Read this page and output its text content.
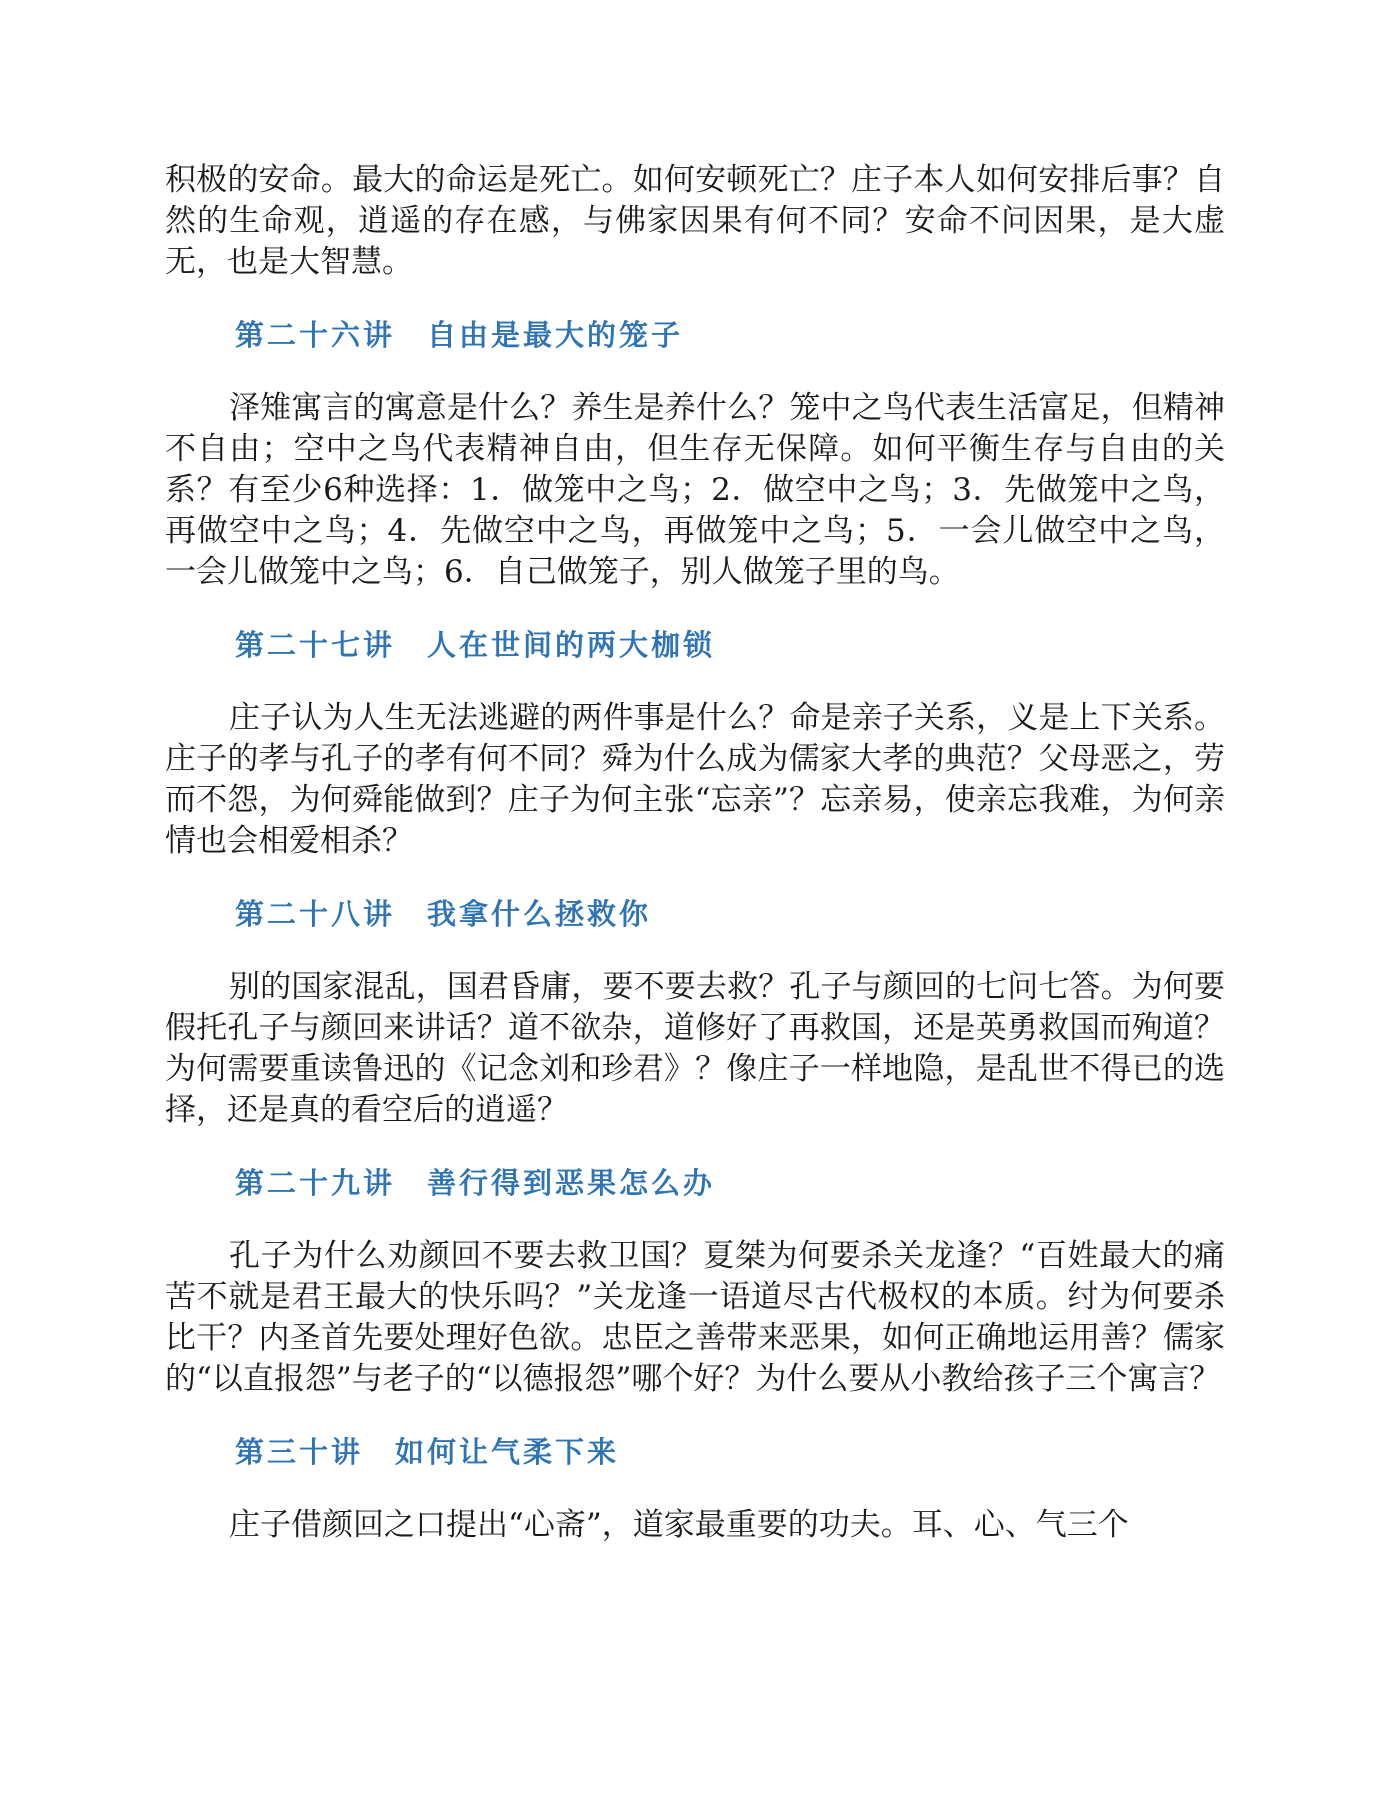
积极的安命。最大的命运是死亡。如何安顿死亡？庄子本人如何安排后事？自然的生命观，逍遥的存在感，与佛家因果有何不同？安命不问因果，是大虚无，也是大智慧。

第二十六讲　自由是最大的笼子

泽雉寓言的寓意是什么？养生是养什么？笼中之鸟代表生活富足，但精神不自由；空中之鸟代表精神自由，但生存无保障。如何平衡生存与自由的关系？有至少6种选择：1．做笼中之鸟；2．做空中之鸟；3．先做笼中之鸟，再做空中之鸟；4．先做空中之鸟，再做笼中之鸟；5．一会儿做空中之鸟，一会儿做笼中之鸟；6．自己做笼子，别人做笼子里的鸟。

第二十七讲　人在世间的两大枷锁

庄子认为人生无法逃避的两件事是什么？命是亲子关系，义是上下关系。庄子的孝与孔子的孝有何不同？舜为什么成为儒家大孝的典范？父母恶之，劳而不怨，为何舜能做到？庄子为何主张“忘亲”？忘亲易，使亲忘我难，为何亲情也会相爱相杀？

第二十八讲　我拿什么拯救你

别的国家混乱，国君昏庸，要不要去救？孔子与颜回的七问七答。为何要假托孔子与颜回来讲话？道不欲杂，道修好了再救国，还是英勇救国而殉道？为何需要重读鲁迅的《记念刘和珍君》？像庄子一样地隐，是乱世不得已的选择，还是真的看空后的逍遥？

第二十九讲　善行得到恶果怎么办

孔子为什么劝颜回不要去救卫国？夏桀为何要杀关龙逢？“百姓最大的痛苦不就是君王最大的快乐吗？”关龙逢一语道尽古代极权的本质。纣为何要杀比干？内圣首先要处理好色欲。忠臣之善带来恶果，如何正确地运用善？儒家的“以直报怨”与老子的“以德报怨”哪个好？为什么要从小教给孩子三个寓言？

第三十讲　如何让气柔下来

庄子借颜回之口提出“心斋”，道家最重要的功夫。耳、心、气三个
